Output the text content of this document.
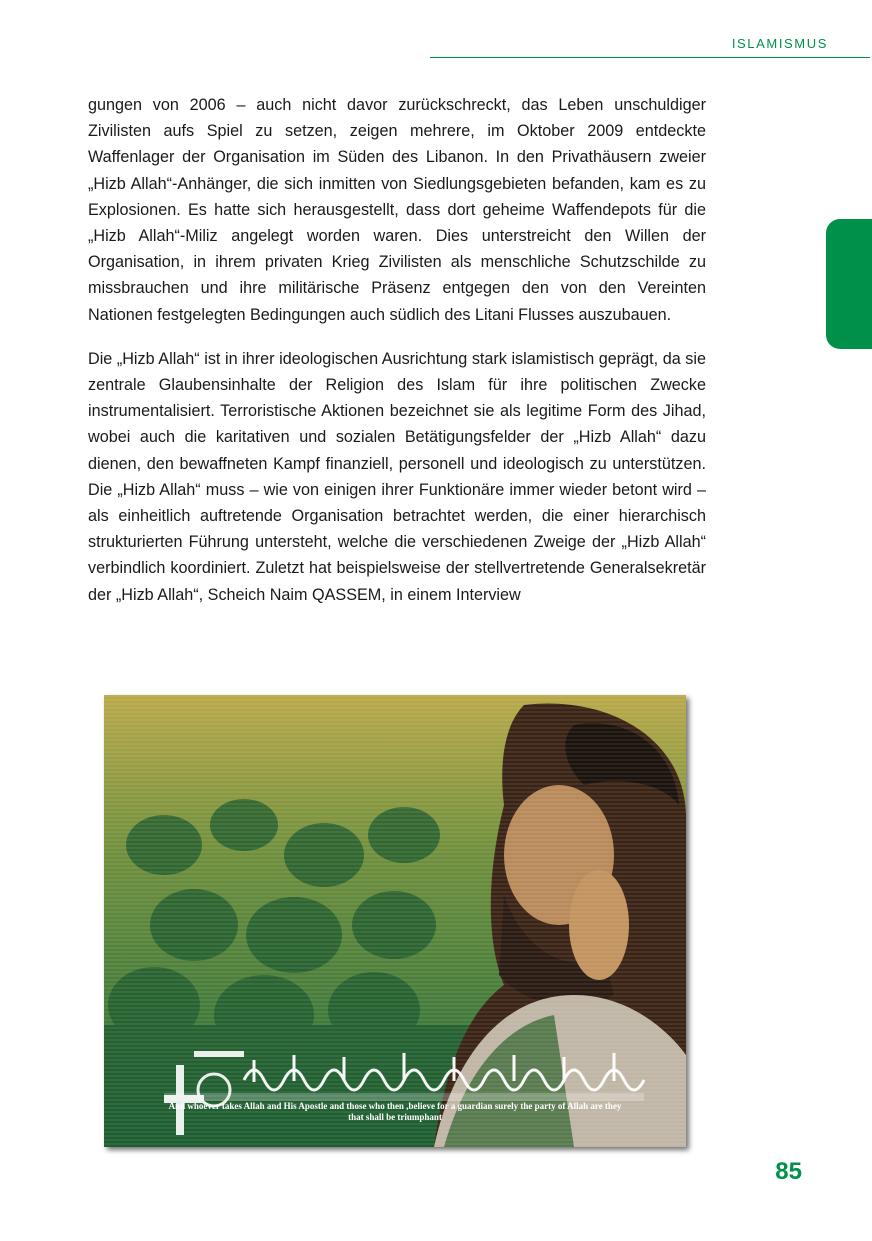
ISLAMISMUS

gungen von 2006 – auch nicht davor zurückschreckt, das Leben unschuldiger Zivilisten aufs Spiel zu setzen, zeigen mehrere, im Oktober 2009 entdeckte Waffenlager der Organisation im Süden des Libanon. In den Privathäusern zweier „Hizb Allah“-Anhänger, die sich inmitten von Siedlungsgebieten befanden, kam es zu Explosionen. Es hatte sich herausgestellt, dass dort geheime Waffendepots für die „Hizb Allah“-Miliz angelegt worden waren. Dies unterstreicht den Willen der Organisation, in ihrem privaten Krieg Zivilisten als menschliche Schutzschilde zu missbrauchen und ihre militärische Präsenz entgegen den von den Vereinten Nationen festgelegten Bedingungen auch südlich des Litani Flusses auszubauen.

Die „Hizb Allah“ ist in ihrer ideologischen Ausrichtung stark islamistisch geprägt, da sie zentrale Glaubensinhalte der Religion des Islam für ihre politischen Zwecke instrumentalisiert. Terroristische Aktionen bezeichnet sie als legitime Form des Jihad, wobei auch die karitativen und sozialen Betätigungsfelder der „Hizb Allah“ dazu dienen, den bewaffneten Kampf finanziell, personell und ideologisch zu unterstützen. Die „Hizb Allah“ muss – wie von einigen ihrer Funktionäre immer wieder betont wird – als einheitlich auftretende Organisation betrachtet werden, die einer hierarchisch strukturierten Führung untersteht, welche die verschiedenen Zweige der „Hizb Allah“ verbindlich koordiniert. Zuletzt hat beispielsweise der stellvertretende Generalsekretär der „Hizb Allah“, Scheich Naim QASSEM, in einem Interview

And whoever takes Allah and His Apostle and those who then ,believe for a guardian surely the party of Allah are they that shall be triumphant
85
